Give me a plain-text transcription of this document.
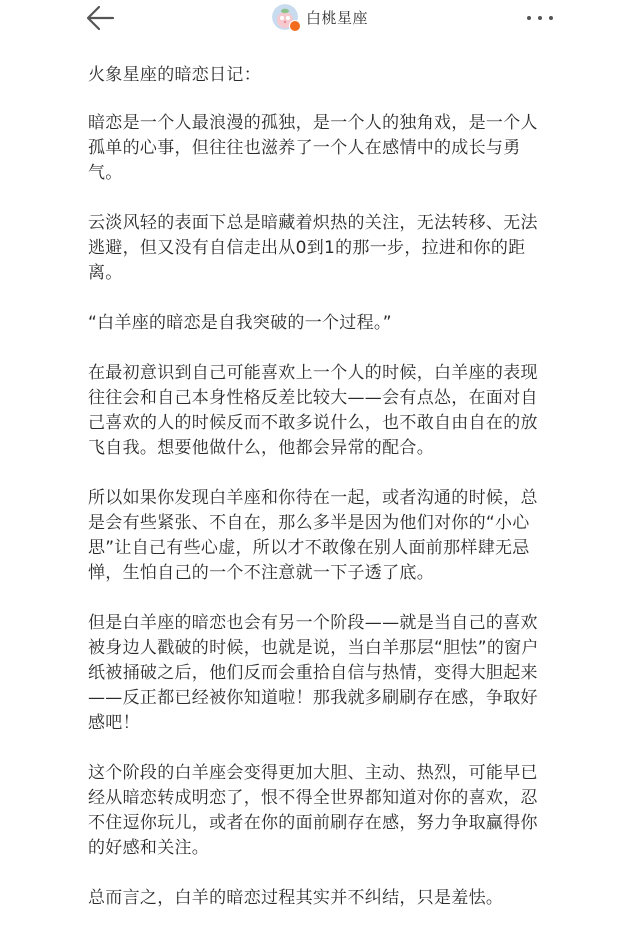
白桃星座

火象星座的暗恋日记：

暗恋是一个人最浪漫的孤独，是一个人的独角戏，是一个人孤单的心事，但往往也滋养了一个人在感情中的成长与勇气。

云淡风轻的表面下总是暗藏着炽热的关注，无法转移、无法逃避，但又没有自信走出从0到1的那一步，拉进和你的距离。

“白羊座的暗恋是自我突破的一个过程。”

在最初意识到自己可能喜欢上一个人的时候，白羊座的表现往往会和自己本身性格反差比较大——会有点怂，在面对自己喜欢的人的时候反而不敢多说什么，也不敢自由自在的放飞自我。想要他做什么，他都会异常的配合。

所以如果你发现白羊座和你待在一起，或者沟通的时候，总是会有些紧张、不自在，那么多半是因为他们对你的“小心思”让自己有些心虚，所以才不敢像在别人面前那样肆无忌惮，生怕自己的一个不注意就一下子透了底。

但是白羊座的暗恋也会有另一个阶段——就是当自己的喜欢被身边人戳破的时候，也就是说，当白羊那层“胆怯”的窗户纸被捅破之后，他们反而会重拾自信与热情，变得大胆起来——反正都已经被你知道啦！那我就多刷刷存在感，争取好感吧！

这个阶段的白羊座会变得更加大胆、主动、热烈，可能早已经从暗恋转成明恋了，恨不得全世界都知道对你的喜欢，忍不住逗你玩儿，或者在你的面前刷存在感，努力争取赢得你的好感和关注。

总而言之，白羊的暗恋过程其实并不纠结，只是羞怯。
